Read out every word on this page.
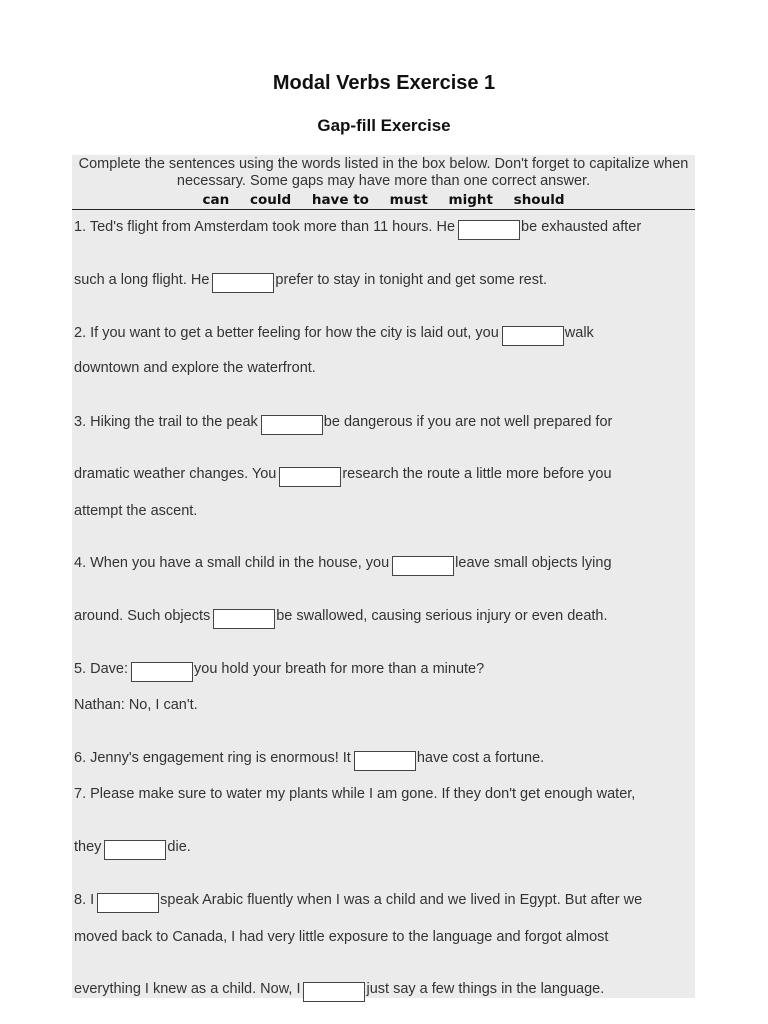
Modal Verbs Exercise 1
Gap-fill Exercise
Complete the sentences using the words listed in the box below. Don't forget to capitalize when necessary. Some gaps may have more than one correct answer.
can could have to must might should
1. Ted's flight from Amsterdam took more than 11 hours. He	be exhausted after
such a long flight. He	prefer to stay in tonight and get some rest.
2. If you want to get a better feeling for how the city is laid out, you	walk
downtown and explore the waterfront.
3. Hiking the trail to the peak	be dangerous if you are not well prepared for
dramatic weather changes. You	research the route a little more before you
attempt the ascent.
4. When you have a small child in the house, you	leave small objects lying
around. Such objects	be swallowed, causing serious injury or even death.
5. Dave:	you hold your breath for more than a minute?
Nathan: No, I can't.
6. Jenny's engagement ring is enormous! It	have cost a fortune.
7. Please make sure to water my plants while I am gone. If they don't get enough water,
they	die.
8. I	speak Arabic fluently when I was a child and we lived in Egypt. But after we
moved back to Canada, I had very little exposure to the language and forgot almost
everything I knew as a child. Now, I	just say a few things in the language.
